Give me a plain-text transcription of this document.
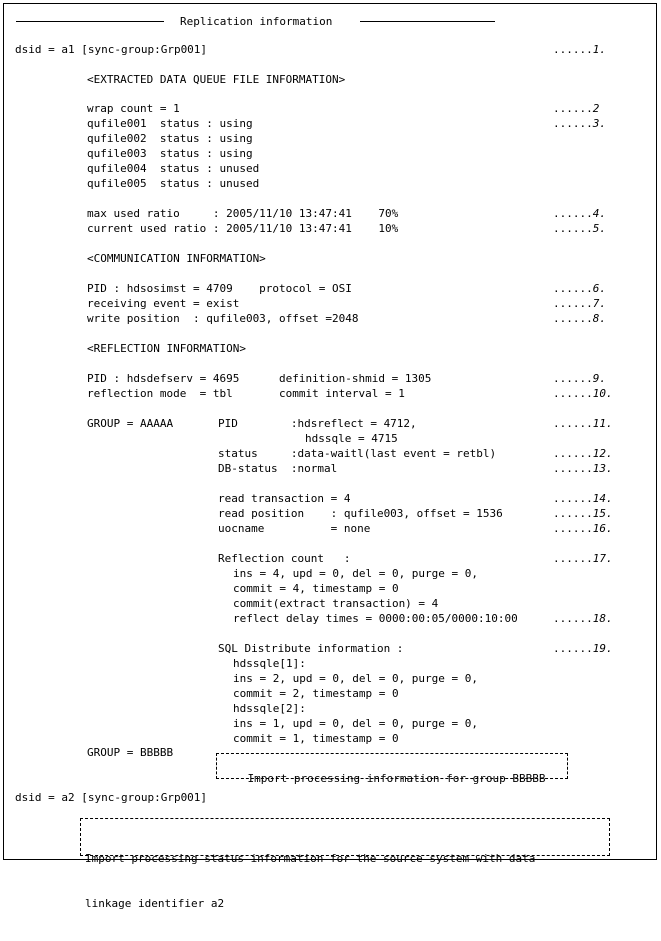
Replication information
dsid = a1 [sync-group:Grp001]	......1.
<EXTRACTED DATA QUEUE FILE INFORMATION>
wrap count = 1	......2
qufile001  status : using	......3.
qufile002  status : using
qufile003  status : using
qufile004  status : unused
qufile005  status : unused
max used ratio     : 2005/11/10 13:47:41    70%	......4.
current used ratio : 2005/11/10 13:47:41    10%	......5.
<COMMUNICATION INFORMATION>
PID : hdsosimst = 4709    protocol = OSI	......6.
receiving event = exist	......7.
write position  : qufile003, offset =2048	......8.
<REFLECTION INFORMATION>
PID : hdsdefserv = 4695      definition-shmid = 1305	......9.
reflection mode  = tbl       commit interval = 1	......10.
GROUP = AAAAA	PID        :hdsreflect = 4712,	......11.
hdssqle = 4715
status     :data-waitl(last event = retbl)	......12.
DB-status  :normal	......13.
read transaction = 4	......14.
read position    : qufile003, offset = 1536	......15.
uocname          = none	......16.
Reflection count   :	......17.
ins = 4, upd = 0, del = 0, purge = 0,
commit = 4, timestamp = 0
commit(extract transaction) = 4
reflect delay times = 0000:00:05/0000:10:00	......18.
SQL Distribute information :	......19.
hdssqle[1]:
ins = 2, upd = 0, del = 0, purge = 0,
commit = 2, timestamp = 0
hdssqle[2]:
ins = 1, upd = 0, del = 0, purge = 0,
commit = 1, timestamp = 0
GROUP = BBBBB
dsid = a2 [sync-group:Grp001]

Import processing information for group BBBBB

Import processing status information for the source system with data

linkage identifier a2
